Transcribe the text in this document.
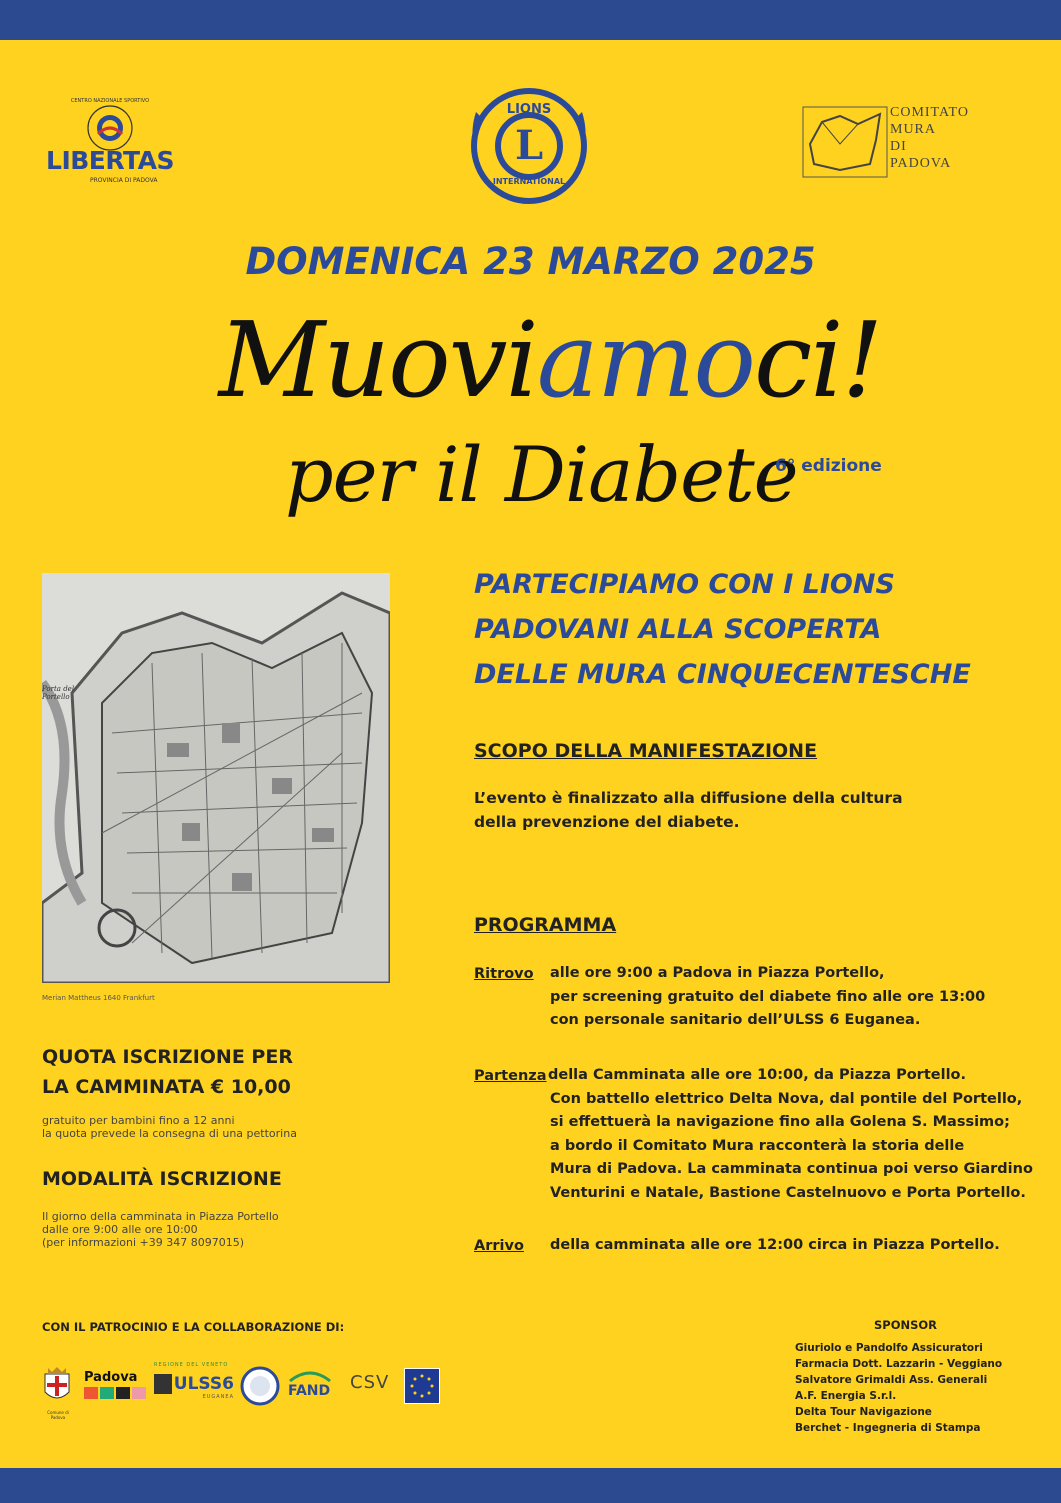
LIBERTAS
PROVINCIA DI PADOVA
CENTRO NAZIONALE SPORTIVO
LIONS
L
INTERNATIONAL
COMITATO
MURA
DI
PADOVA
DOMENICA 23 MARZO 2025
Muoviamoci!
per il Diabete
6° edizione
Porta del Portello
Merian Mattheus 1640 Frankfurt
PARTECIPIAMO CON I LIONS
PADOVANI ALLA SCOPERTA
DELLE MURA CINQUECENTESCHE
SCOPO DELLA MANIFESTAZIONE
L’evento è finalizzato alla diffusione della cultura
della prevenzione del diabete.
QUOTA ISCRIZIONE PER
LA CAMMINATA € 10,00
gratuito per bambini fino a 12 anni
la quota prevede la consegna di una pettorina
MODALITÀ ISCRIZIONE
Il giorno della camminata in Piazza Portello
dalle ore 9:00 alle ore 10:00
(per informazioni +39 347 8097015)
PROGRAMMA
Ritrovo alle ore 9:00 a Padova in Piazza Portello,
per screening gratuito del diabete fino alle ore 13:00
con personale sanitario dell’ULSS 6 Euganea.
Partenza della Camminata alle ore 10:00, da Piazza Portello.
Con battello elettrico Delta Nova, dal pontile del Portello,
si effettuerà la navigazione fino alla Golena S. Massimo;
a bordo il Comitato Mura racconterà la storia delle
Mura di Padova. La camminata continua poi verso Giardino
Venturini e Natale, Bastione Castelnuovo e Porta Portello.
Arrivo della camminata alle ore 12:00 circa in Piazza Portello.
CON IL PATROCINIO E LA COLLABORAZIONE DI:
Comune di Padova
Padova
REGIONE DEL VENETO
ULSS6
EUGANEA	FAND CSV
SPONSOR
Giuriolo e Pandolfo Assicuratori
Farmacia Dott. Lazzarin - Veggiano
Salvatore Grimaldi Ass. Generali
A.F. Energia S.r.l.
Delta Tour Navigazione
Berchet - Ingegneria di Stampa
